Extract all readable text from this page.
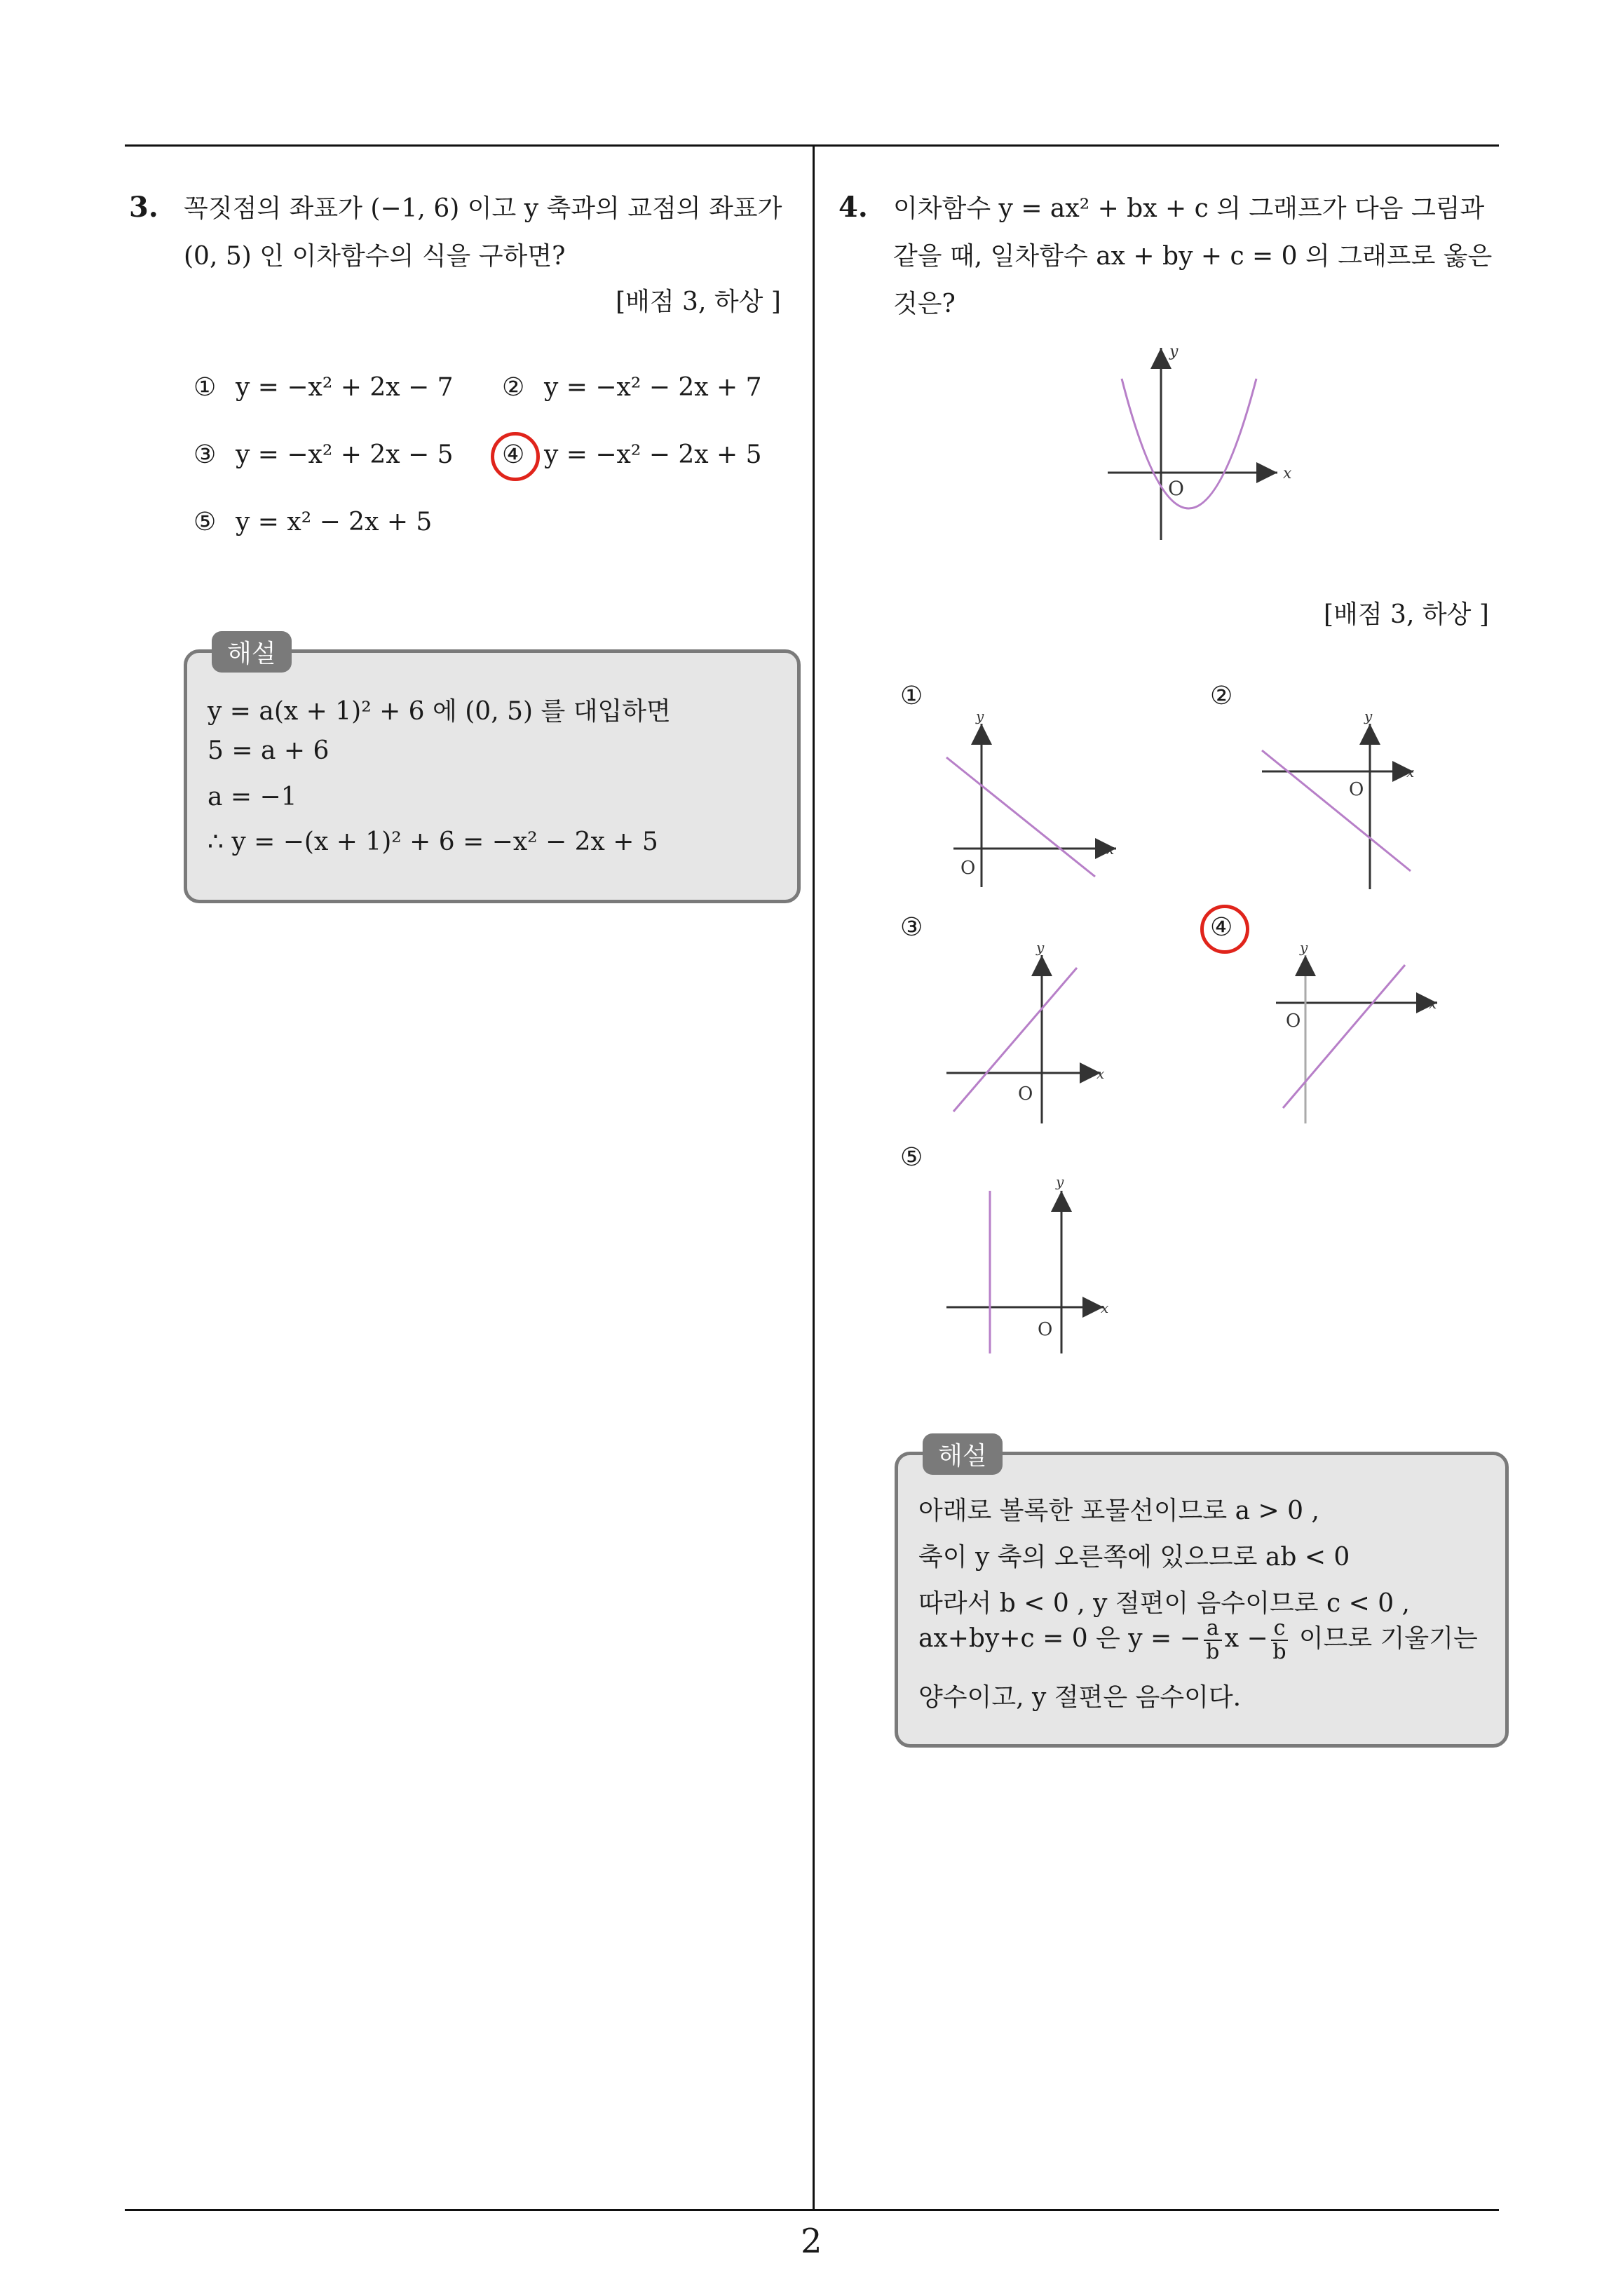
3. 꼭짓점의 좌표가 (−1, 6) 이고 y 축과의 교점의 좌표가
(0, 5) 인 이차함수의 식을 구하면?
[배점 3, 하상 ]
① y = −x² + 2x − 7 ② y = −x² − 2x + 7
③ y = −x² + 2x − 5 ④ y = −x² − 2x + 5
⑤ y = x² − 2x + 5
해설
y = a(x + 1)² + 6 에 (0, 5) 를 대입하면
5 = a + 6
a = −1
∴ y = −(x + 1)² + 6 = −x² − 2x + 5
4. 이차함수 y = ax² + bx + c 의 그래프가 다음 그림과
같을 때, 일차함수 ax + by + c = 0 의 그래프로 옳은
것은?
y
x
O
[배점 3, 하상 ]
①
y
x
O
②
y
x
O
③
y
x
O
④
y
x
O
⑤
y
x
O
해설
아래로 볼록한 포물선이므로 a > 0 ,
축이 y 축의 오른쪽에 있으므로 ab < 0
따라서 b < 0 , y 절편이 음수이므로 c < 0 ,
ax+by+c = 0 은 y = − $\frac{a}{b}$ $x - \frac{c}{b}$ 이므로 기울기는
양수이고, y 절편은 음수이다.
2
